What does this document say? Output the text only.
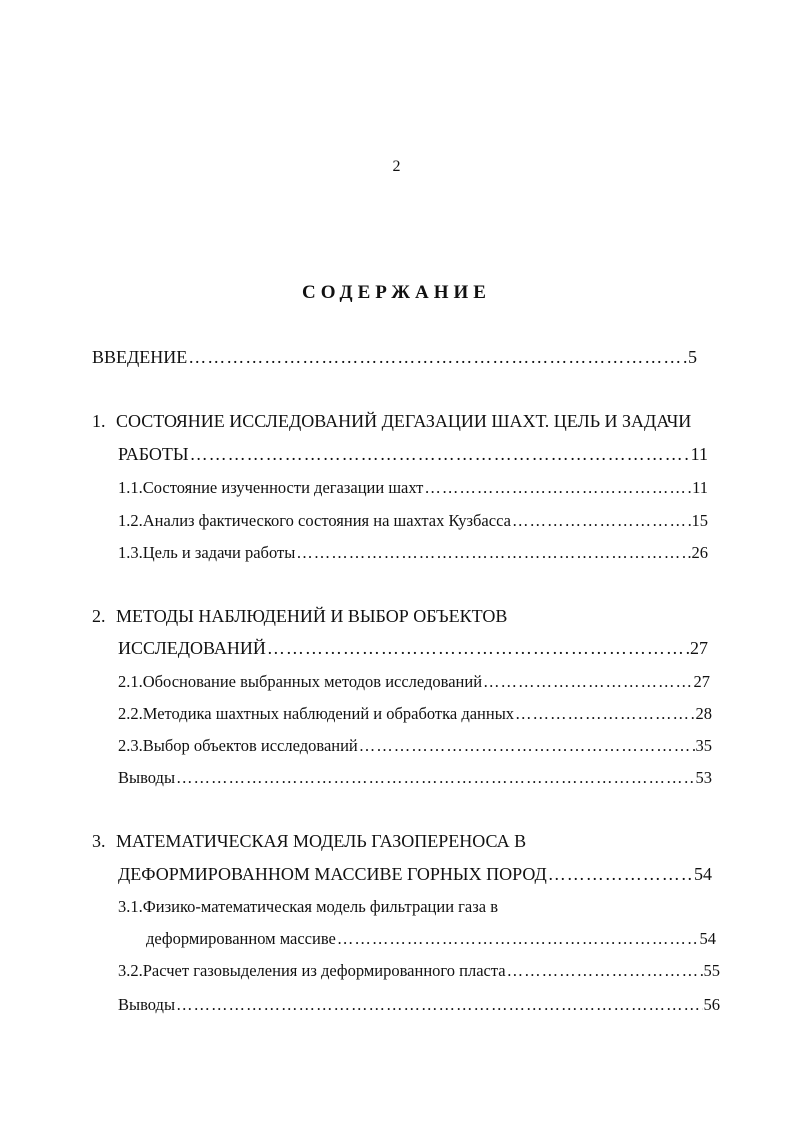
2
СОДЕРЖАНИЕ
ВВЕДЕНИЕ …………………………………………………………………………………………………………………………………………………	5
1. СОСТОЯНИЕ ИССЛЕДОВАНИЙ ДЕГАЗАЦИИ ШАХТ. ЦЕЛЬ И ЗАДАЧИ
РАБОТЫ …………………………………………………………………………………………………………………………………………………	11
1.1. Состояние изученности дегазации шахт …………………………………………………………………………………………………………………………………………………	11
1.2. Анализ фактического состояния на шахтах Кузбасса …………………………………………………………………………………………………………………………………………………	15
1.3. Цель и задачи работы …………………………………………………………………………………………………………………………………………………	26
2. МЕТОДЫ НАБЛЮДЕНИЙ И ВЫБОР ОБЪЕКТОВ
ИССЛЕДОВАНИЙ …………………………………………………………………………………………………………………………………………………	27
2.1. Обоснование выбранных методов исследований …………………………………………………………………………………………………………………………………………………	27
2.2. Методика шахтных наблюдений и обработка данных …………………………………………………………………………………………………………………………………………………	28
2.3. Выбор объектов исследований …………………………………………………………………………………………………………………………………………………	35
Выводы …………………………………………………………………………………………………………………………………………………	53
3. МАТЕМАТИЧЕСКАЯ МОДЕЛЬ ГАЗОПЕРЕНОСА В
ДЕФОРМИРОВАННОМ МАССИВЕ ГОРНЫХ ПОРОД …………………………………………………………………………………………………………………………………………………	54
3.1.Физико-математическая модель фильтрации газа в
деформированном массиве …………………………………………………………………………………………………………………………………………………	54
3.2. Расчет газовыделения из деформированного пласта …………………………………………………………………………………………………………………………………………………	55
Выводы …………………………………………………………………………………………………………………………………………………	56
